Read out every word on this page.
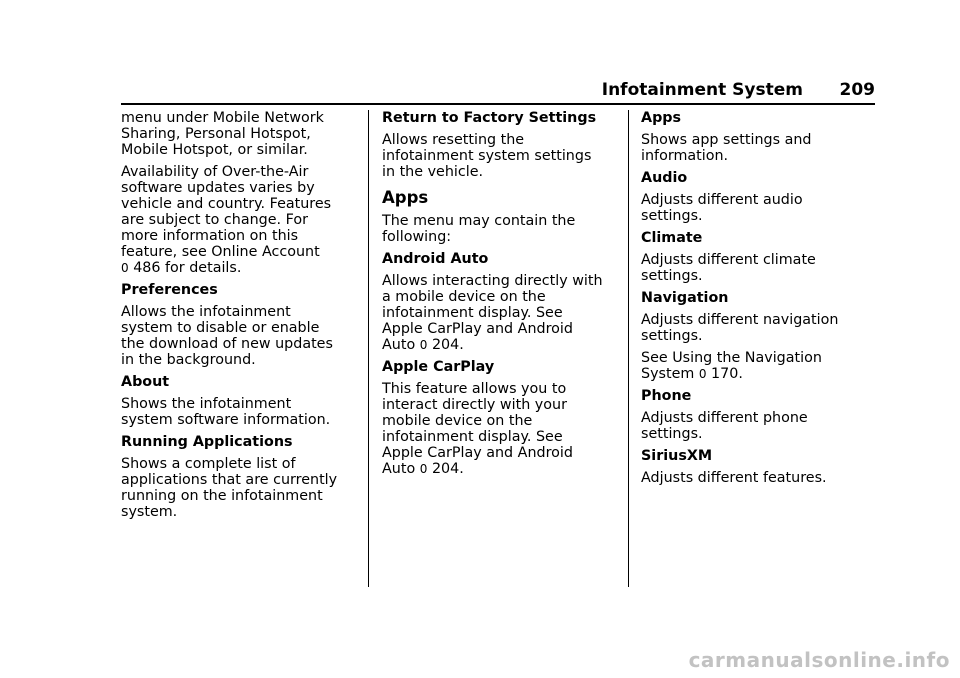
Infotainment System	209

menu under Mobile Network
Sharing, Personal Hotspot,
Mobile Hotspot, or similar.

Availability of Over-the-Air
software updates varies by
vehicle and country. Features
are subject to change. For
more information on this
feature, see Online Account
0 486 for details.

Preferences

Allows the infotainment
system to disable or enable
the download of new updates
in the background.

About

Shows the infotainment
system software information.

Running Applications

Shows a complete list of
applications that are currently
running on the infotainment
system.

Return to Factory Settings

Allows resetting the
infotainment system settings
in the vehicle.

Apps

The menu may contain the
following:

Android Auto

Allows interacting directly with
a mobile device on the
infotainment display. See
Apple CarPlay and Android
Auto 0 204.

Apple CarPlay

This feature allows you to
interact directly with your
mobile device on the
infotainment display. See
Apple CarPlay and Android
Auto 0 204.

Apps

Shows app settings and
information.

Audio

Adjusts different audio
settings.

Climate

Adjusts different climate
settings.

Navigation

Adjusts different navigation
settings.

See Using the Navigation
System 0 170.

Phone

Adjusts different phone
settings.

SiriusXM

Adjusts different features.

carmanualsonline.info
